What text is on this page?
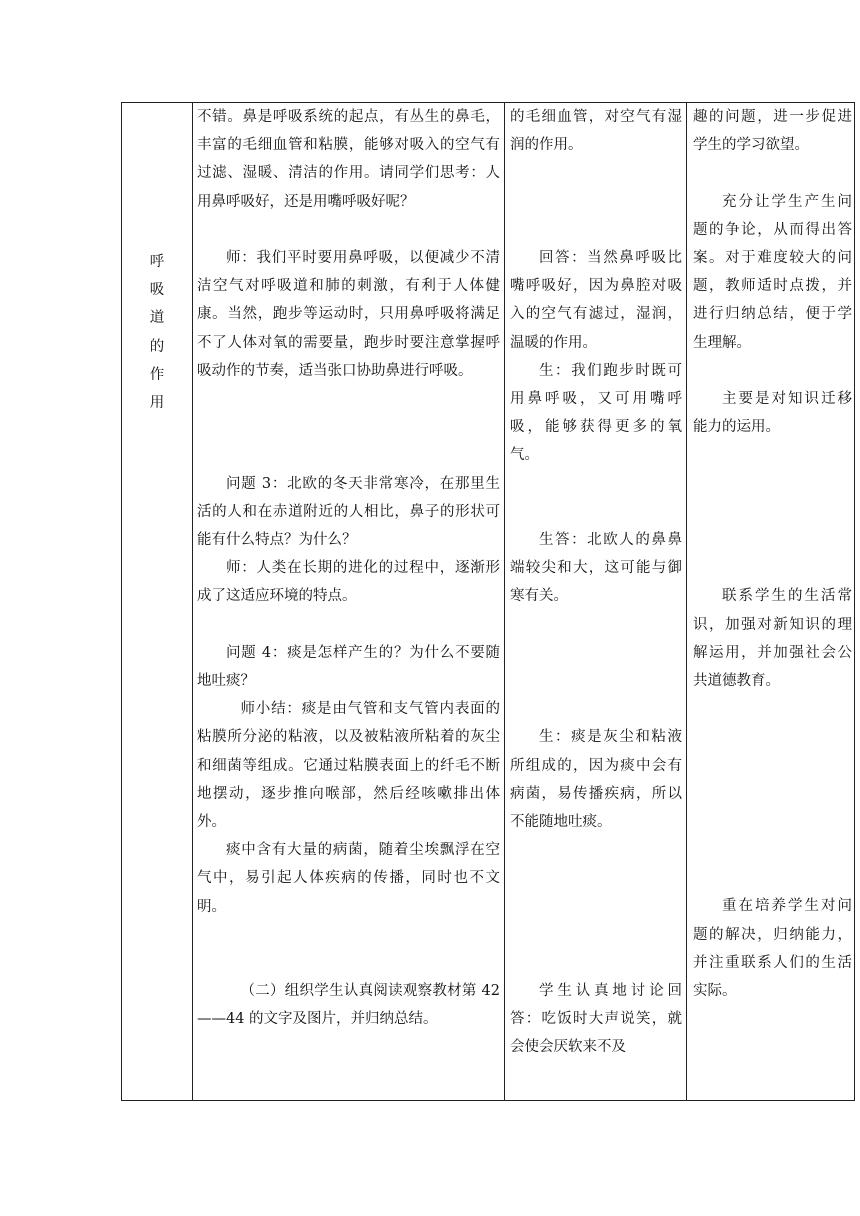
呼
吸
道
的
作
用

不错。鼻是呼吸系统的起点，有丛生的鼻毛，丰富的毛细血管和粘膜，能够对吸入的空气有过滤、湿暖、清洁的作用。请同学们思考：人用鼻呼吸好，还是用嘴呼吸好呢？

师：我们平时要用鼻呼吸，以便减少不清洁空气对呼吸道和肺的刺激，有利于人体健康。当然，跑步等运动时，只用鼻呼吸将满足不了人体对氧的需要量，跑步时要注意掌握呼吸动作的节奏，适当张口协助鼻进行呼吸。

问题 3：北欧的冬天非常寒冷，在那里生活的人和在赤道附近的人相比，鼻子的形状可能有什么特点？为什么？

师：人类在长期的进化的过程中，逐渐形成了这适应环境的特点。

问题 4：痰是怎样产生的？为什么不要随地吐痰？

师小结：痰是由气管和支气管内表面的粘膜所分泌的粘液，以及被粘液所粘着的灰尘和细菌等组成。它通过粘膜表面上的纤毛不断地摆动，逐步推向喉部，然后经咳嗽排出体外。

痰中含有大量的病菌，随着尘埃飘浮在空气中，易引起人体疾病的传播，同时也不文明。

（二）组织学生认真阅读观察教材第 42——44 的文字及图片，并归纳总结。

的毛细血管，对空气有湿润的作用。

回答：当然鼻呼吸比嘴呼吸好，因为鼻腔对吸入的空气有滤过，湿润，温暖的作用。

生：我们跑步时既可用鼻呼吸，又可用嘴呼吸，能够获得更多的氧气。

生答：北欧人的鼻鼻端较尖和大，这可能与御寒有关。

生：痰是灰尘和粘液所组成的，因为痰中会有病菌，易传播疾病，所以不能随地吐痰。

学生认真地讨论回答：吃饭时大声说笑，就会使会厌软来不及

趣的问题，进一步促进学生的学习欲望。

充分让学生产生问题的争论，从而得出答案。对于难度较大的问题，教师适时点拨，并进行归纳总结，便于学生理解。

主要是对知识迁移能力的运用。

联系学生的生活常识，加强对新知识的理解运用，并加强社会公共道德教育。

重在培养学生对问题的解决，归纳能力，并注重联系人们的生活实际。
